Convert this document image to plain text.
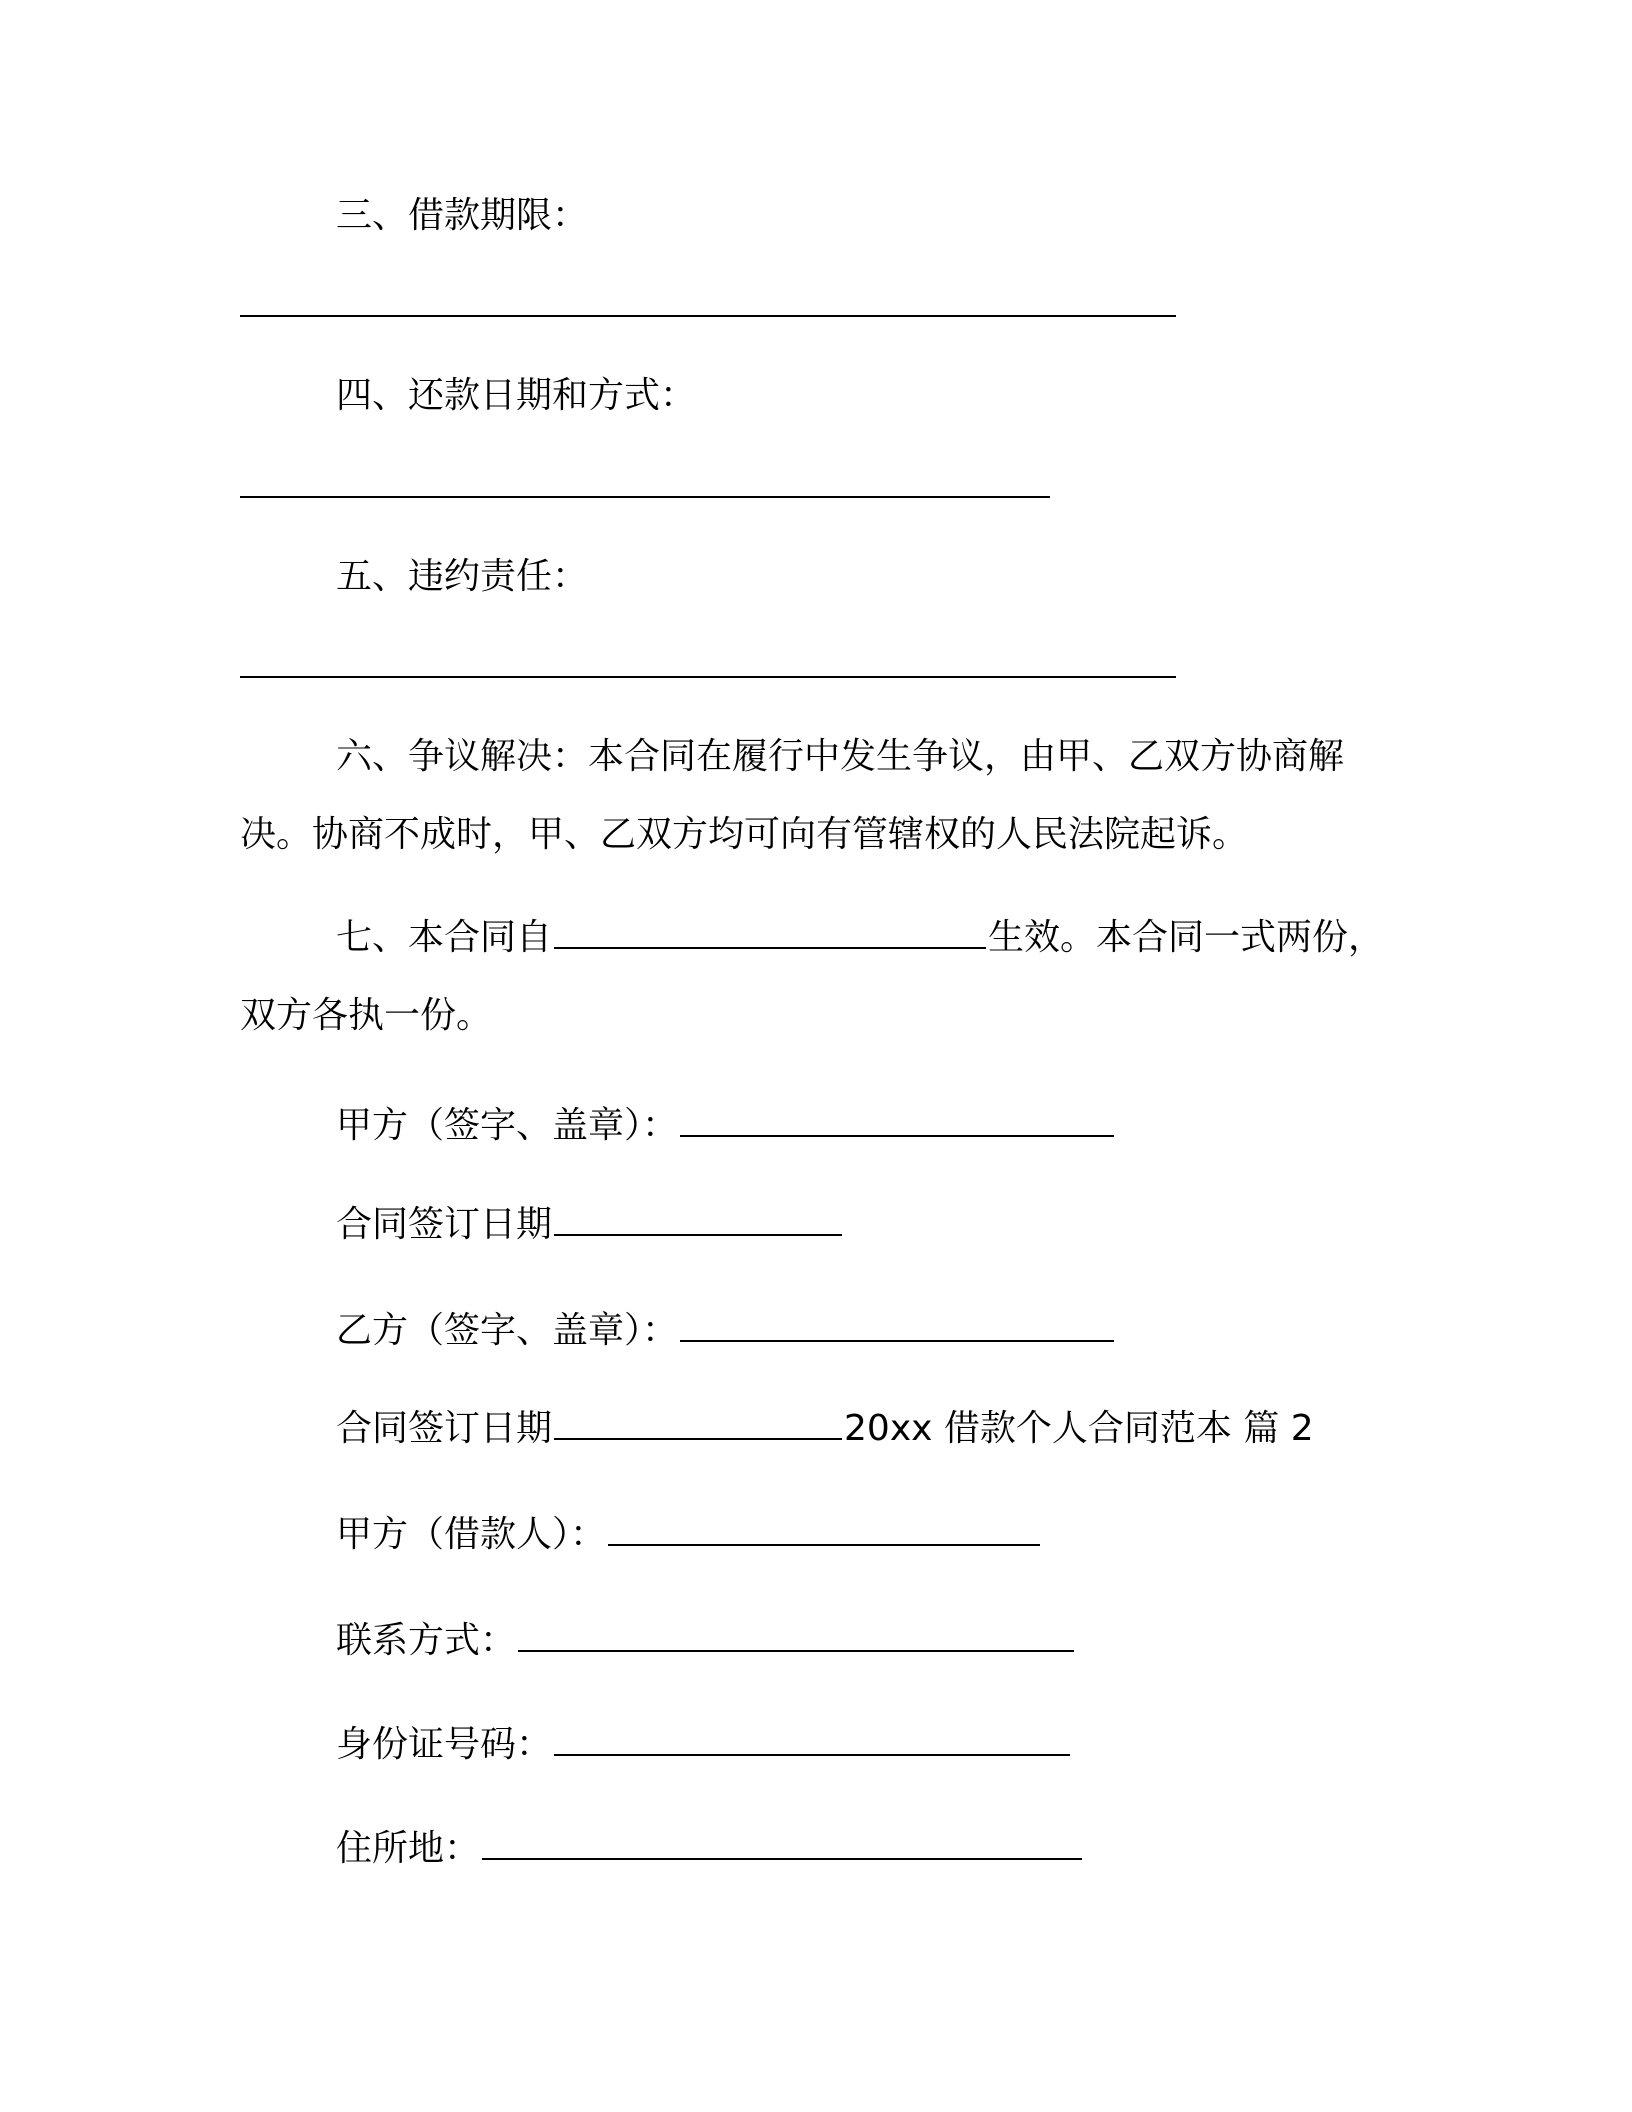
三、借款期限：
四、还款日期和方式：
五、违约责任：
六、争议解决：本合同在履行中发生争议，由甲、乙双方协商解
决。协商不成时，甲、乙双方均可向有管辖权的人民法院起诉。
七、本合同自	生效。本合同一式两份，
双方各执一份。
甲方（签字、盖章）：
合同签订日期
乙方（签字、盖章）：
合同签订日期	20xx 借款个人合同范本 篇 2
甲方（借款人）：
联系方式：
身份证号码：
住所地：
